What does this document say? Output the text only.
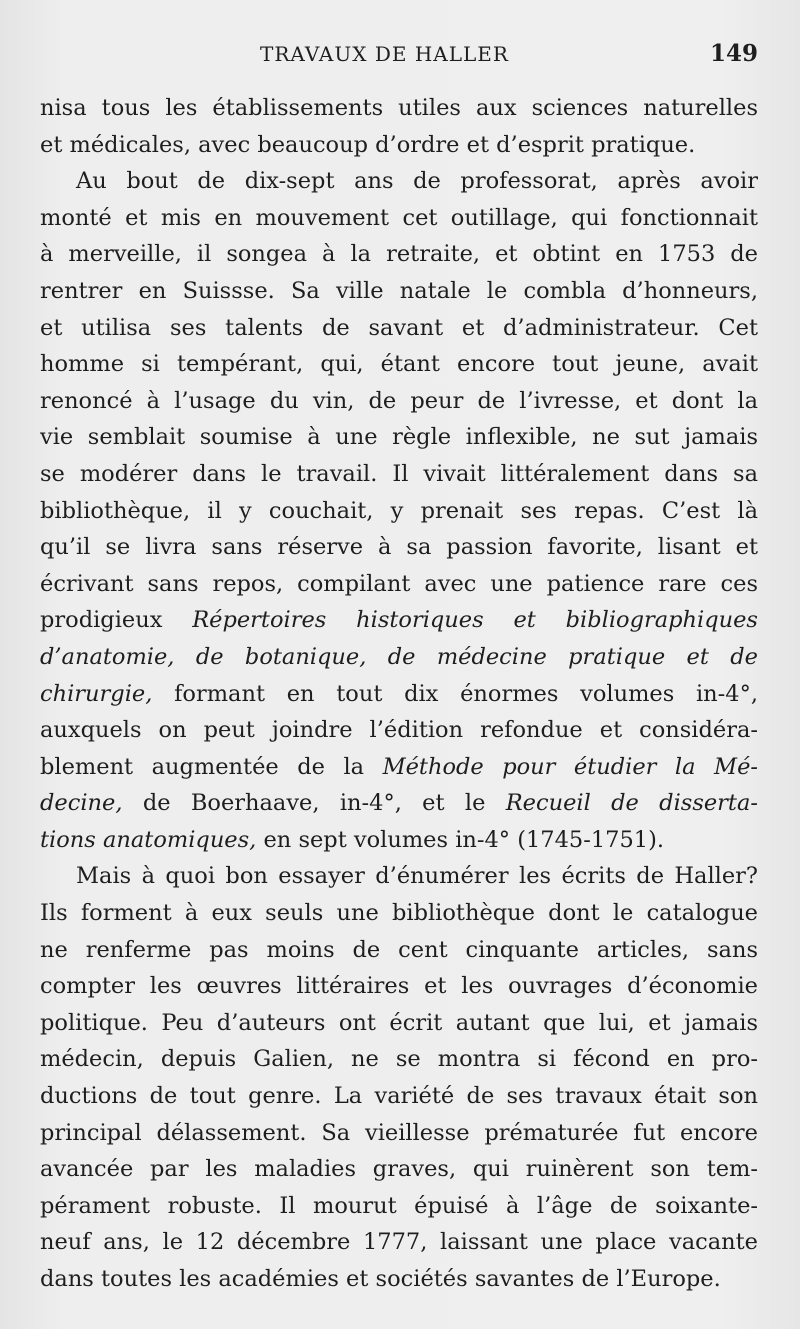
TRAVAUX DE HALLER	149
nisa tous les établissements utiles aux sciences naturelles
et médicales, avec beaucoup d’ordre et d’esprit pratique.
Au bout de dix-sept ans de professorat, après avoir
monté et mis en mouvement cet outillage, qui fonctionnait
à merveille, il songea à la retraite, et obtint en 1753 de
rentrer en Suissse. Sa ville natale le combla d’honneurs,
et utilisa ses talents de savant et d’administrateur. Cet
homme si tempérant, qui, étant encore tout jeune, avait
renoncé à l’usage du vin, de peur de l’ivresse, et dont la
vie semblait soumise à une règle inflexible, ne sut jamais
se modérer dans le travail. Il vivait littéralement dans sa
bibliothèque, il y couchait, y prenait ses repas. C’est là
qu’il se livra sans réserve à sa passion favorite, lisant et
écrivant sans repos, compilant avec une patience rare ces
prodigieux Répertoires historiques et bibliographiques
d’anatomie, de botanique, de médecine pratique et de
chirurgie, formant en tout dix énormes volumes in-4°,
auxquels on peut joindre l’édition refondue et considéra-
blement augmentée de la Méthode pour étudier la Mé-
decine, de Boerhaave, in-4°, et le Recueil de disserta-
tions anatomiques, en sept volumes in-4° (1745-1751).
Mais à quoi bon essayer d’énumérer les écrits de Haller?
Ils forment à eux seuls une bibliothèque dont le catalogue
ne renferme pas moins de cent cinquante articles, sans
compter les œuvres littéraires et les ouvrages d’économie
politique. Peu d’auteurs ont écrit autant que lui, et jamais
médecin, depuis Galien, ne se montra si fécond en pro-
ductions de tout genre. La variété de ses travaux était son
principal délassement. Sa vieillesse prématurée fut encore
avancée par les maladies graves, qui ruinèrent son tem-
pérament robuste. Il mourut épuisé à l’âge de soixante-
neuf ans, le 12 décembre 1777, laissant une place vacante
dans toutes les académies et sociétés savantes de l’Europe.
